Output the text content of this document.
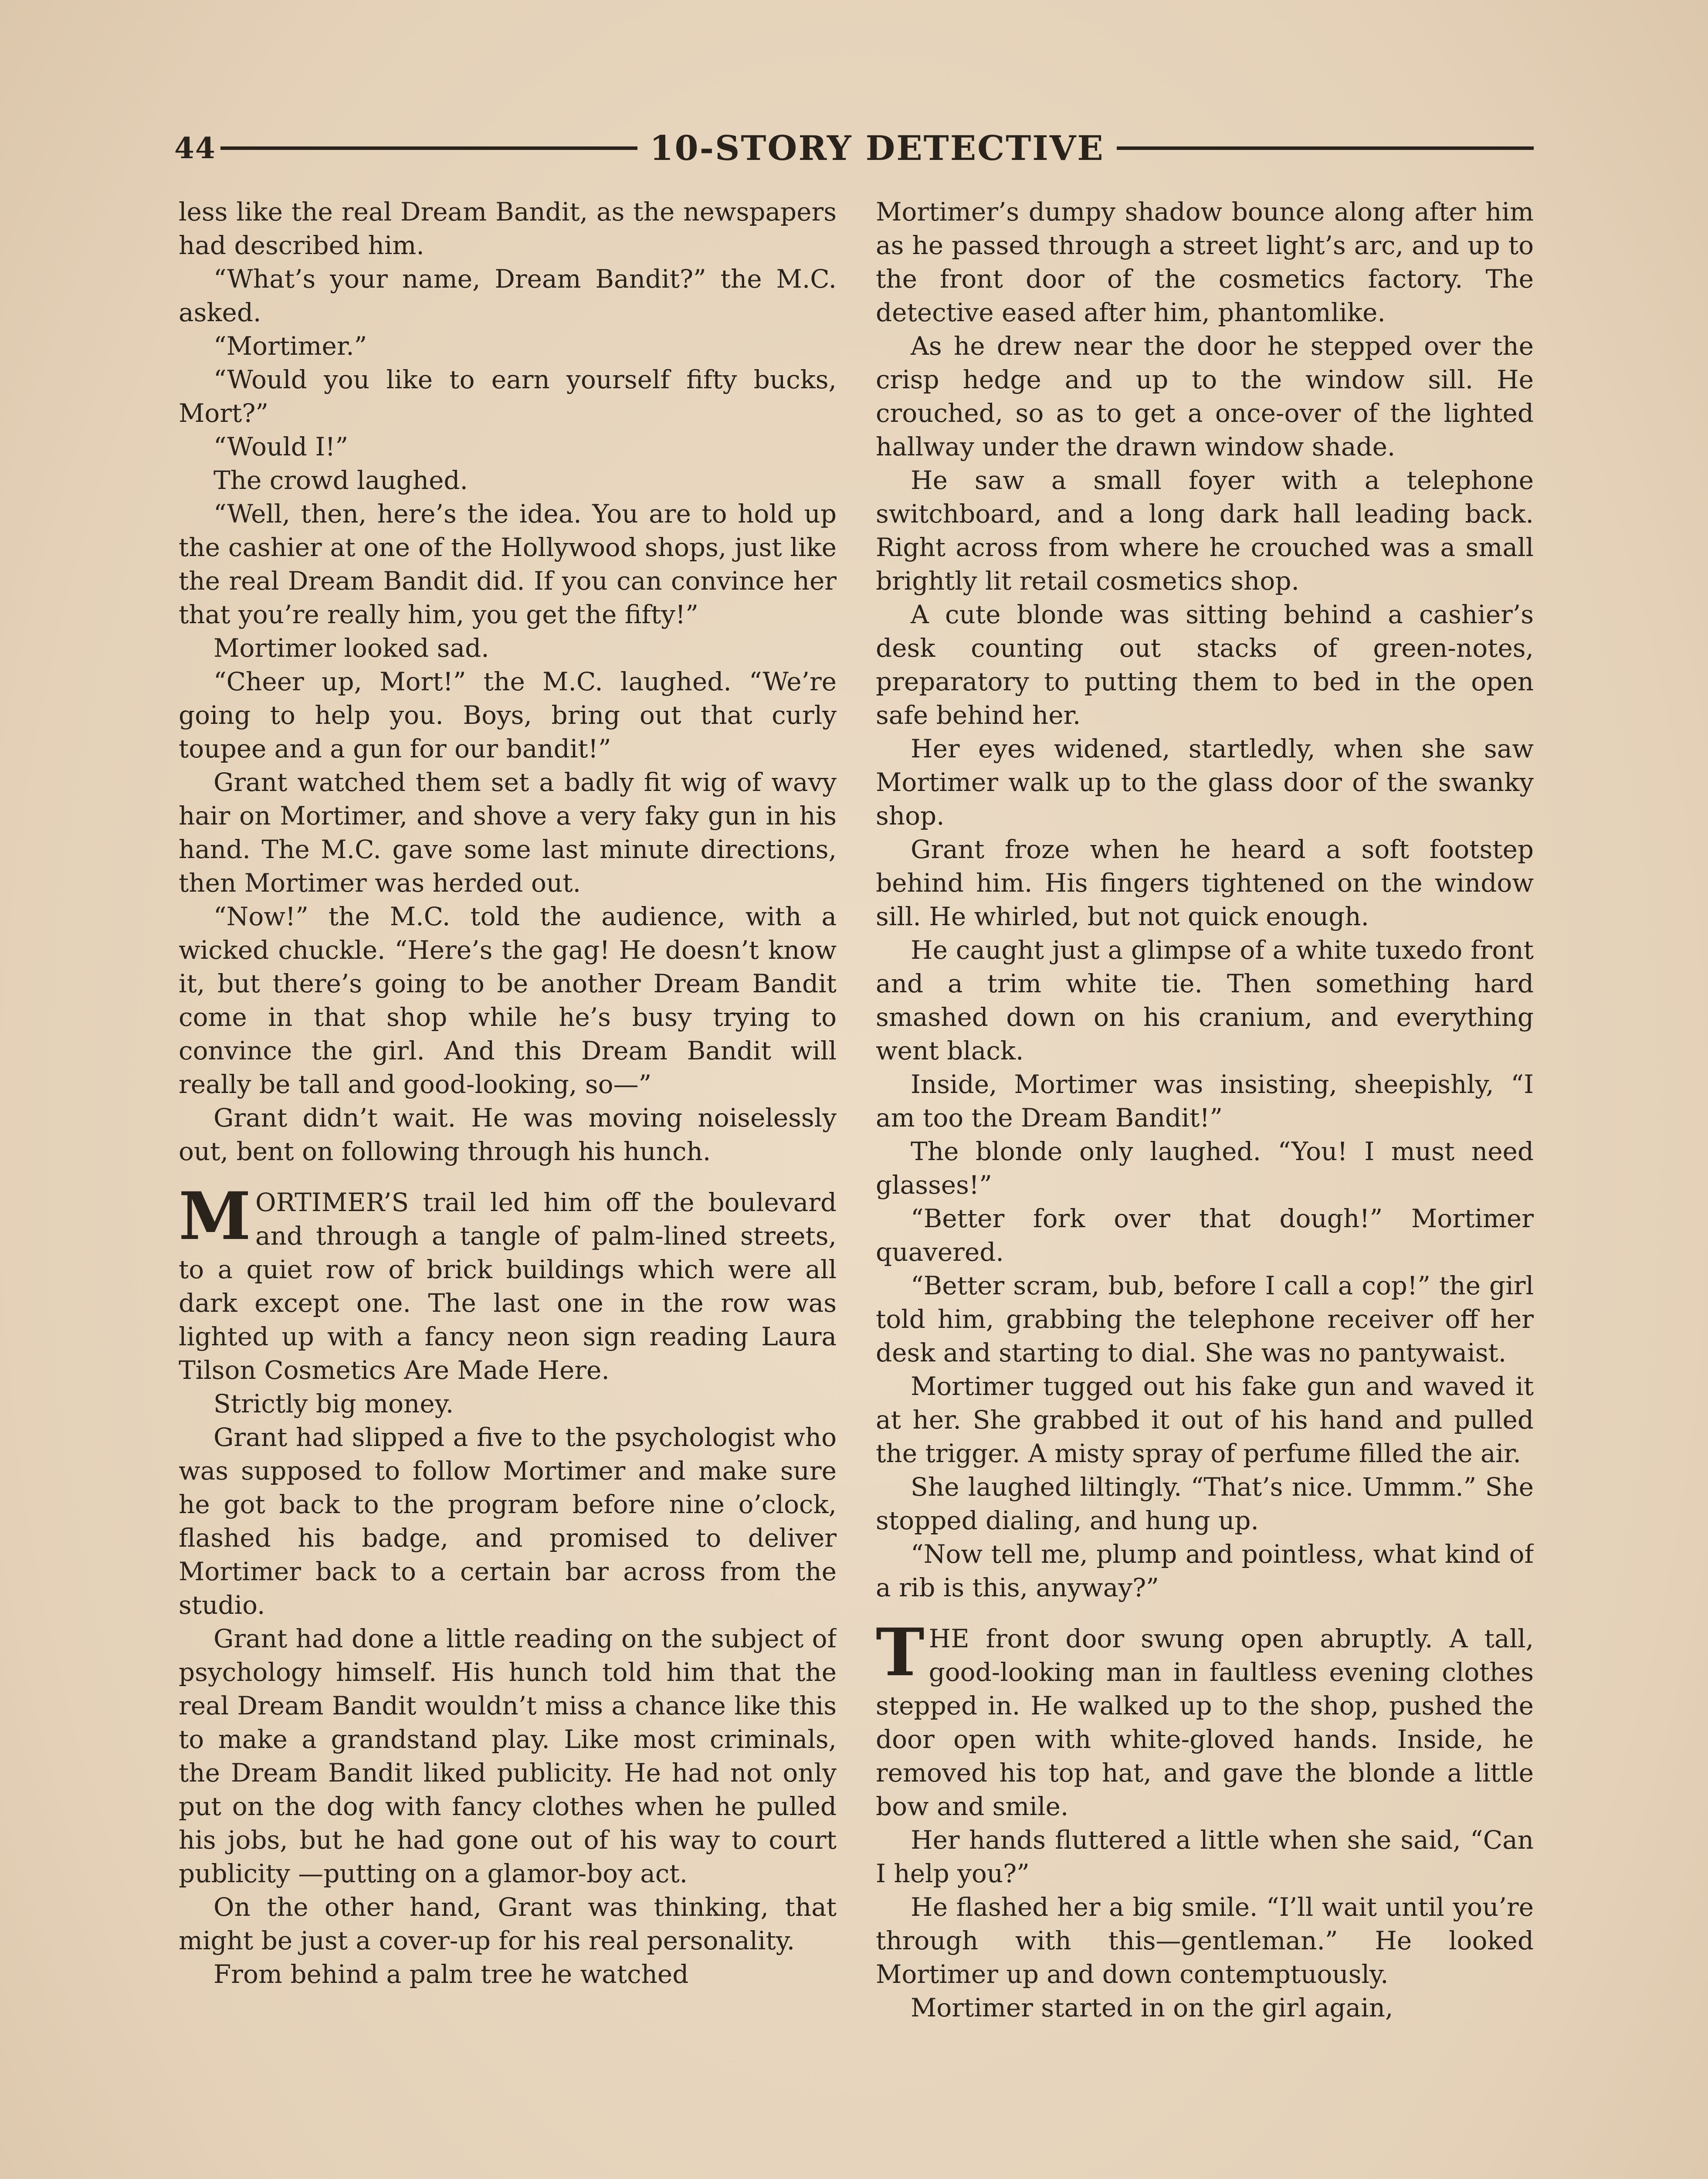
44	10-STORY DETECTIVE

less like the real Dream Bandit, as the newspapers had described him.

“What’s your name, Dream Bandit?” the M.C. asked.

“Mortimer.”

“Would you like to earn yourself fifty bucks, Mort?”

“Would I!”

The crowd laughed.

“Well, then, here’s the idea. You are to hold up the cashier at one of the Hollywood shops, just like the real Dream Bandit did. If you can convince her that you’re really him, you get the fifty!”

Mortimer looked sad.

“Cheer up, Mort!” the M.C. laughed. “We’re going to help you. Boys, bring out that curly toupee and a gun for our bandit!”

Grant watched them set a badly fit wig of wavy hair on Mortimer, and shove a very faky gun in his hand. The M.C. gave some last minute directions, then Mortimer was herded out.

“Now!” the M.C. told the audience, with a wicked chuckle. “Here’s the gag! He doesn’t know it, but there’s going to be another Dream Bandit come in that shop while he’s busy trying to convince the girl. And this Dream Bandit will really be tall and good-looking, so—”

Grant didn’t wait. He was moving noiselessly out, bent on following through his hunch.

MORTIMER’S trail led him off the boulevard and through a tangle of palm-lined streets, to a quiet row of brick buildings which were all dark except one. The last one in the row was lighted up with a fancy neon sign reading Laura Tilson Cosmetics Are Made Here.

Strictly big money.

Grant had slipped a five to the psychologist who was supposed to follow Mortimer and make sure he got back to the program before nine o’clock, flashed his badge, and promised to deliver Mortimer back to a certain bar across from the studio.

Grant had done a little reading on the subject of psychology himself. His hunch told him that the real Dream Bandit wouldn’t miss a chance like this to make a grandstand play. Like most criminals, the Dream Bandit liked publicity. He had not only put on the dog with fancy clothes when he pulled his jobs, but he had gone out of his way to court publicity —putting on a glamor-boy act.

On the other hand, Grant was thinking, that might be just a cover-up for his real personality.

From behind a palm tree he watched

Mortimer’s dumpy shadow bounce along after him as he passed through a street light’s arc, and up to the front door of the cosmetics factory. The detective eased after him, phantomlike.

As he drew near the door he stepped over the crisp hedge and up to the window sill. He crouched, so as to get a once-over of the lighted hallway under the drawn window shade.

He saw a small foyer with a telephone switchboard, and a long dark hall leading back. Right across from where he crouched was a small brightly lit retail cosmetics shop.

A cute blonde was sitting behind a cashier’s desk counting out stacks of green-notes, preparatory to putting them to bed in the open safe behind her.

Her eyes widened, startledly, when she saw Mortimer walk up to the glass door of the swanky shop.

Grant froze when he heard a soft footstep behind him. His fingers tightened on the window sill. He whirled, but not quick enough.

He caught just a glimpse of a white tuxedo front and a trim white tie. Then something hard smashed down on his cranium, and everything went black.

Inside, Mortimer was insisting, sheepishly, “I am too the Dream Bandit!”

The blonde only laughed. “You! I must need glasses!”

“Better fork over that dough!” Mortimer quavered.

“Better scram, bub, before I call a cop!” the girl told him, grabbing the telephone receiver off her desk and starting to dial. She was no pantywaist.

Mortimer tugged out his fake gun and waved it at her. She grabbed it out of his hand and pulled the trigger. A misty spray of perfume filled the air.

She laughed liltingly. “That’s nice. Ummm.” She stopped dialing, and hung up.

“Now tell me, plump and pointless, what kind of a rib is this, anyway?”

THE front door swung open abruptly. A tall, good-looking man in faultless evening clothes stepped in. He walked up to the shop, pushed the door open with white-gloved hands. Inside, he removed his top hat, and gave the blonde a little bow and smile.

Her hands fluttered a little when she said, “Can I help you?”

He flashed her a big smile. “I’ll wait until you’re through with this—gentleman.” He looked Mortimer up and down contemptuously.

Mortimer started in on the girl again,
